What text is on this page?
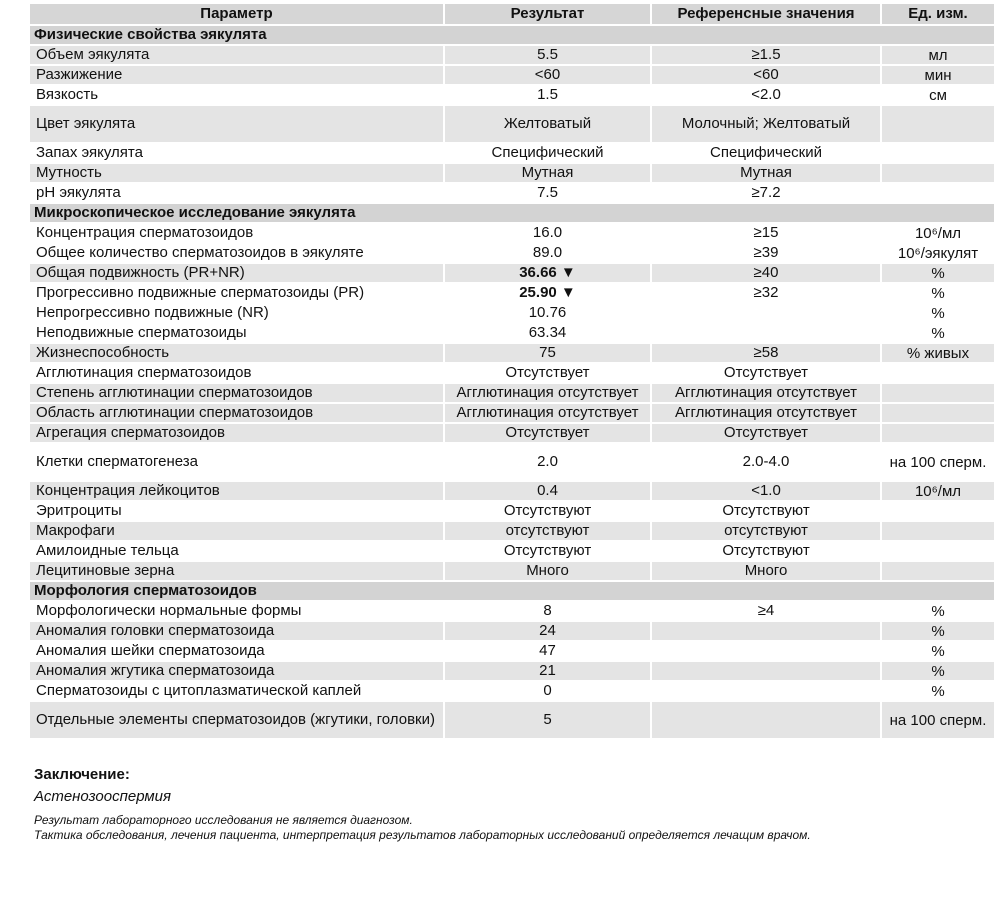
Параметр	Результат	Референсные значения	Ед. изм.
Физические свойства эякулята			
Объем эякулята	5.5	≥1.5	мл
Разжижение	<60	<60	мин
Вязкость	1.5	<2.0	см
Цвет эякулята	Желтоватый	Молочный; Желтоватый	
Запах эякулята	Специфический	Специфический	
Мутность	Мутная	Мутная	
pH эякулята	7.5	≥7.2	
Микроскопическое исследование эякулята			
Концентрация сперматозоидов	16.0	≥15	10⁶/мл
Общее количество сперматозоидов в эякуляте	89.0	≥39	10⁶/эякулят
Общая подвижность (PR+NR)	36.66 ▼	≥40	%
Прогрессивно подвижные сперматозоиды (PR)	25.90 ▼	≥32	%
Непрогрессивно подвижные (NR)	10.76		%
Неподвижные сперматозоиды	63.34		%
Жизнеспособность	75	≥58	% живых
Агглютинация сперматозоидов	Отсутствует	Отсутствует	
Степень агглютинации сперматозоидов	Агглютинация отсутствует	Агглютинация отсутствует	
Область агглютинации сперматозоидов	Агглютинация отсутствует	Агглютинация отсутствует	
Агрегация сперматозоидов	Отсутствует	Отсутствует	
Клетки сперматогенеза	2.0	2.0-4.0	на 100 сперм.
Концентрация лейкоцитов	0.4	<1.0	10⁶/мл
Эритроциты	Отсутствуют	Отсутствуют	
Макрофаги	отсутствуют	отсутствуют	
Амилоидные тельца	Отсутствуют	Отсутствуют	
Лецитиновые зерна	Много	Много	
Морфология сперматозоидов			
Морфологически нормальные формы	8	≥4	%
Аномалия головки сперматозоида	24		%
Аномалия шейки сперматозоида	47		%
Аномалия жгутика сперматозоида	21		%
Сперматозоиды с цитоплазматической каплей	0		%
Отдельные элементы сперматозоидов (жгутики, головки)	5		на 100 сперм.
Заключение:
Астенозооспермия
Результат лабораторного исследования не является диагнозом.
Тактика обследования, лечения пациента, интерпретация результатов лабораторных исследований определяется лечащим врачом.
